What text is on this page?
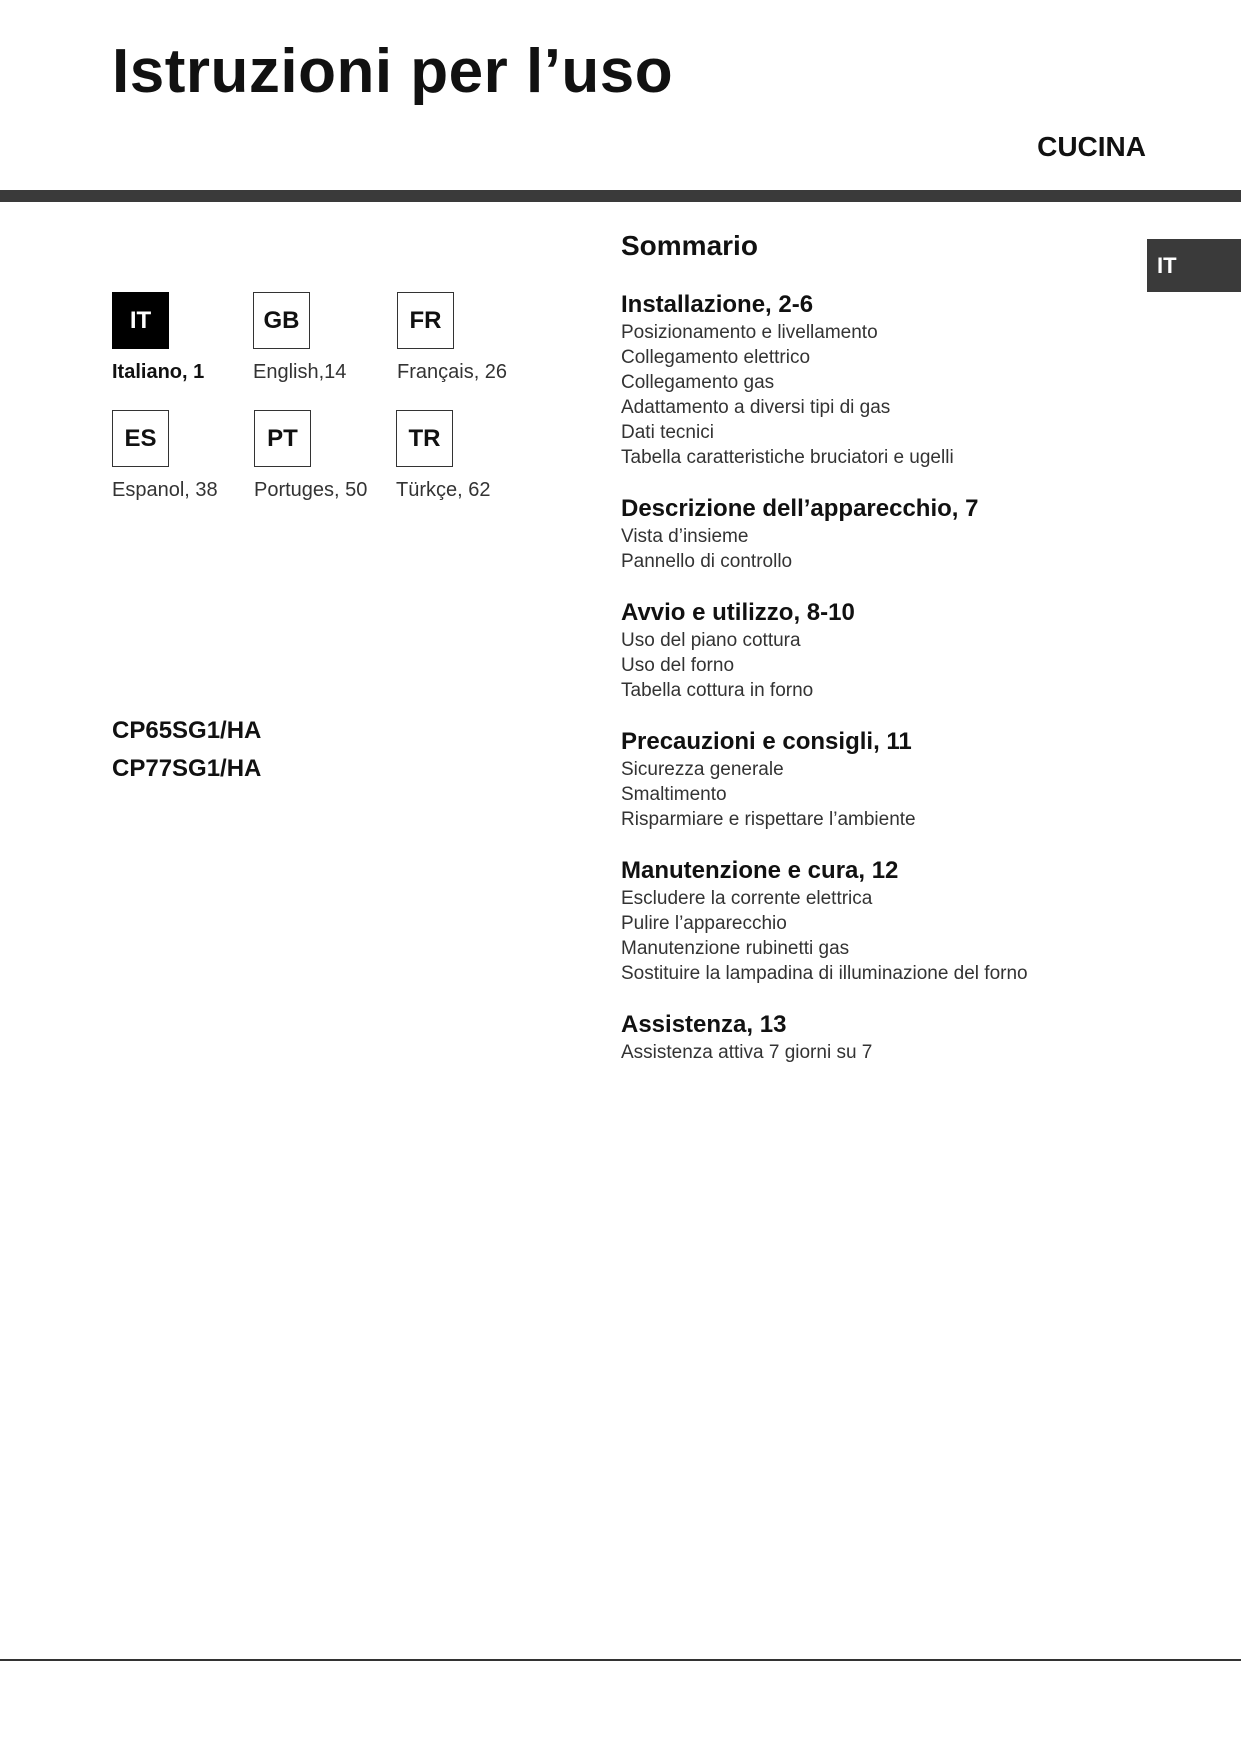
Istruzioni per l’uso
CUCINA
IT
IT
Italiano, 1
GB
English,14
FR
Français, 26
ES
Espanol, 38
PT
Portuges, 50
TR
Türkçe, 62
CP65SG1/HA
CP77SG1/HA
Sommario
Installazione, 2-6
Posizionamento e livellamento
Collegamento elettrico
Collegamento gas
Adattamento a diversi tipi di gas
Dati tecnici
Tabella caratteristiche bruciatori e ugelli
Descrizione dell’apparecchio, 7
Vista d’insieme
Pannello di controllo
Avvio e utilizzo, 8-10
Uso del piano cottura
Uso del forno
Tabella cottura in forno
Precauzioni e consigli, 11
Sicurezza generale
Smaltimento
Risparmiare e rispettare l’ambiente
Manutenzione e cura, 12
Escludere la corrente elettrica
Pulire l’apparecchio
Manutenzione rubinetti gas
Sostituire la lampadina di illuminazione del forno
Assistenza, 13
Assistenza attiva 7 giorni su 7
